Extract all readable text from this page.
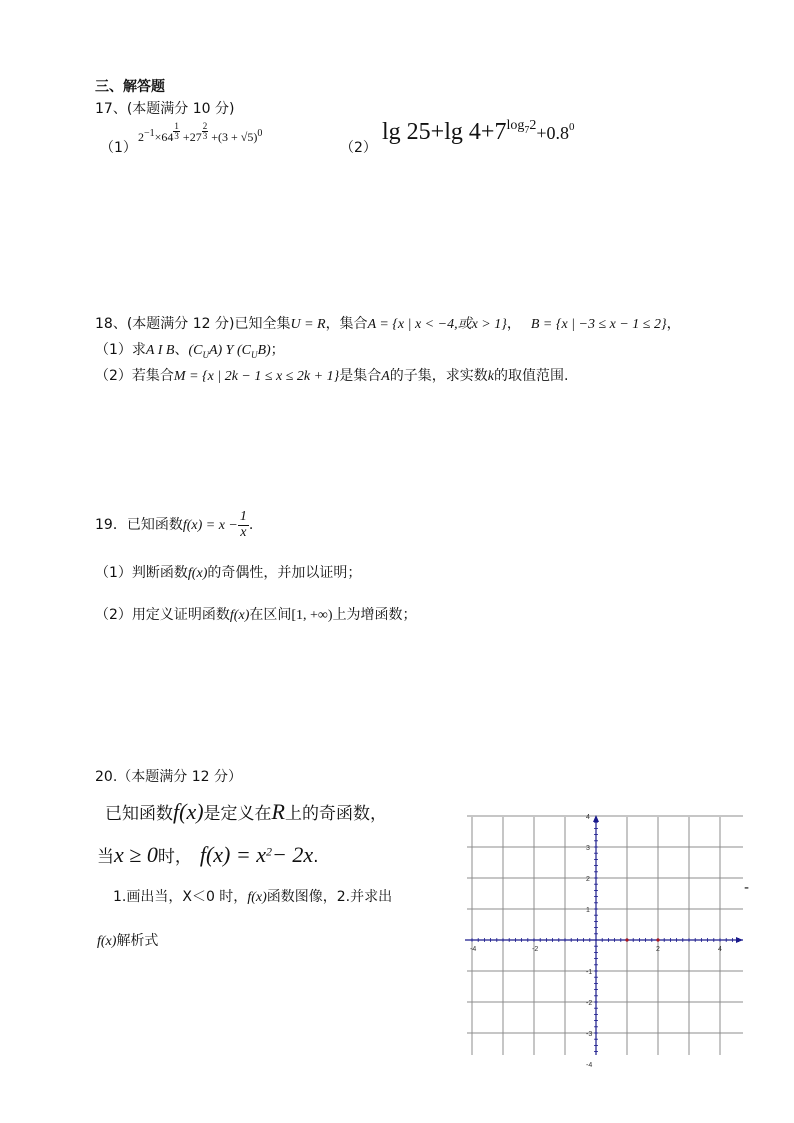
三、解答题
17、(本题满分 10 分)
（1）
$2^{-1}\times 64 \frac{1}{3} +27 \frac{2}{3} +(3 + √5)^0$
（2）
lg 25+lg $4+7^{log_72}+0.8^0$
18、(本题满分 12 分)已知全集U = R，集合A = {x | x < −4,或x > 1}， B = {x | −3 ≤ x − 1 ≤ 2}，
（1）求A I B、$(C_UA)$ Y $(C_UB)$；
（2）若集合M = {x | 2k − 1 ≤ x ≤ 2k + 1}是集合A的子集，求实数k的取值范围.
19．已知函数$f(x) = x - \frac{1}{x}$.
（1）判断函数f(x)的奇偶性，并加以证明；
（2）用定义证明函数f(x)在区间[1, +∞)上为增函数；
20.（本题满分 12 分）
已知函数f(x)是定义在R上的奇函数，
当x ≥ 0时， $f(x) = x^2- 2x$.
1.画出当，X＜0 时，f(x)函数图像，2.并求出
f(x)解析式
-
-4	-2	2	4
4
3
2
1
-1
-2
-3
-4
